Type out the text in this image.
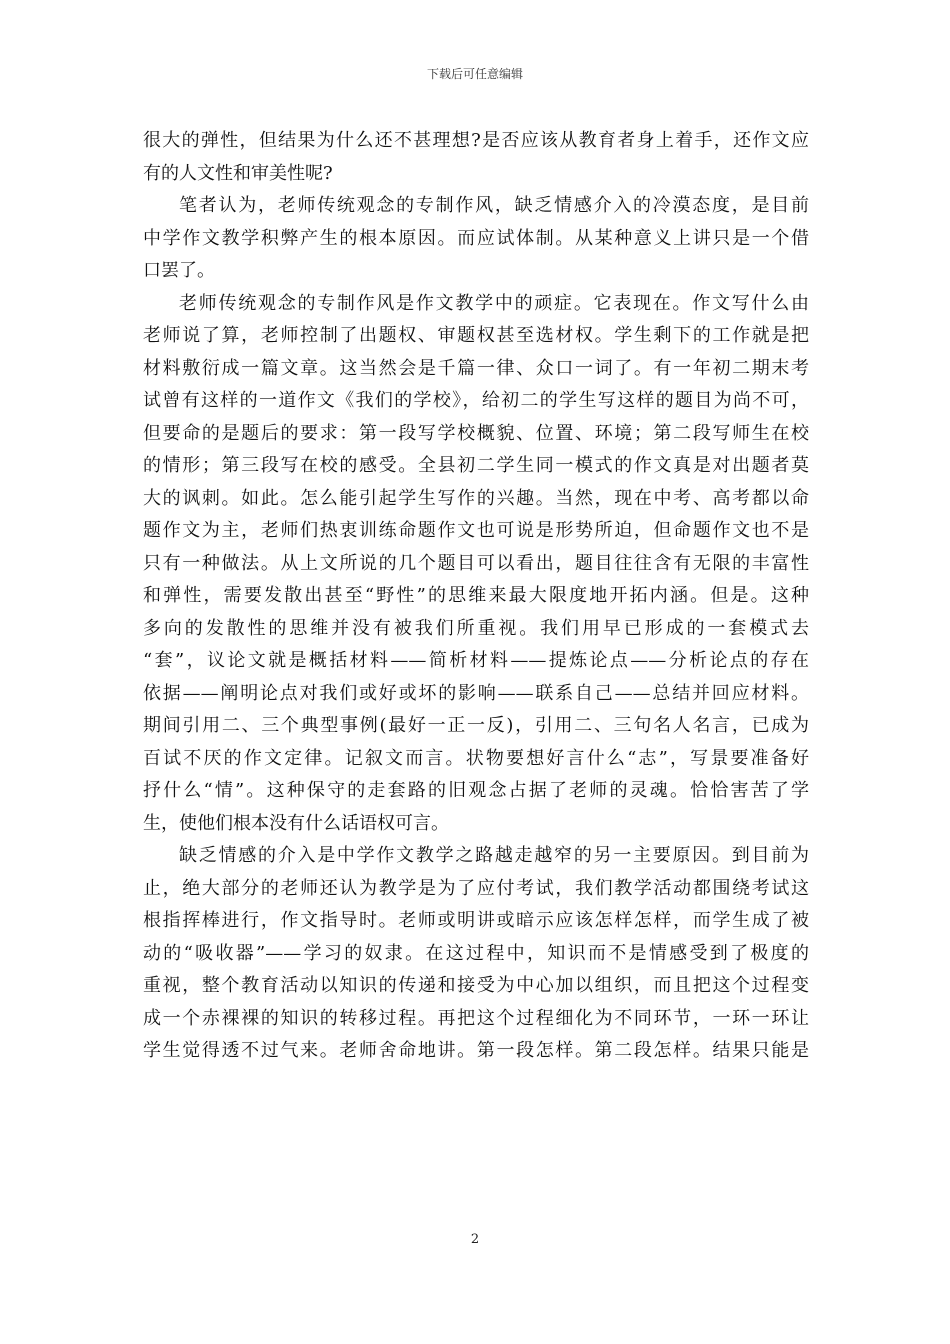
下载后可任意编辑

很大的弹性，但结果为什么还不甚理想?是否应该从教育者身上着手，还作文应
有的人文性和审美性呢?

笔者认为，老师传统观念的专制作风，缺乏情感介入的冷漠态度，是目前
中学作文教学积弊产生的根本原因。而应试体制。从某种意义上讲只是一个借
口罢了。

老师传统观念的专制作风是作文教学中的顽症。它表现在。作文写什么由
老师说了算，老师控制了出题权、审题权甚至选材权。学生剩下的工作就是把
材料敷衍成一篇文章。这当然会是千篇一律、众口一词了。有一年初二期末考
试曾有这样的一道作文《我们的学校》，给初二的学生写这样的题目为尚不可，
但要命的是题后的要求：第一段写学校概貌、位置、环境；第二段写师生在校
的情形；第三段写在校的感受。全县初二学生同一模式的作文真是对出题者莫
大的讽刺。如此。怎么能引起学生写作的兴趣。当然，现在中考、高考都以命
题作文为主，老师们热衷训练命题作文也可说是形势所迫，但命题作文也不是
只有一种做法。从上文所说的几个题目可以看出，题目往往含有无限的丰富性
和弹性，需要发散出甚至“野性”的思维来最大限度地开拓内涵。但是。这种
多向的发散性的思维并没有被我们所重视。我们用早已形成的一套模式去
“套”，议论文就是概括材料——简析材料——提炼论点——分析论点的存在
依据——阐明论点对我们或好或坏的影响——联系自己——总结并回应材料。
期间引用二、三个典型事例(最好一正一反)，引用二、三句名人名言，已成为
百试不厌的作文定律。记叙文而言。状物要想好言什么“志”，写景要准备好
抒什么“情”。这种保守的走套路的旧观念占据了老师的灵魂。恰恰害苦了学
生，使他们根本没有什么话语权可言。

缺乏情感的介入是中学作文教学之路越走越窄的另一主要原因。到目前为
止，绝大部分的老师还认为教学是为了应付考试，我们教学活动都围绕考试这
根指挥棒进行，作文指导时。老师或明讲或暗示应该怎样怎样，而学生成了被
动的“吸收器”——学习的奴隶。在这过程中，知识而不是情感受到了极度的
重视，整个教育活动以知识的传递和接受为中心加以组织，而且把这个过程变
成一个赤裸裸的知识的转移过程。再把这个过程细化为不同环节，一环一环让
学生觉得透不过气来。老师舍命地讲。第一段怎样。第二段怎样。结果只能是

2
